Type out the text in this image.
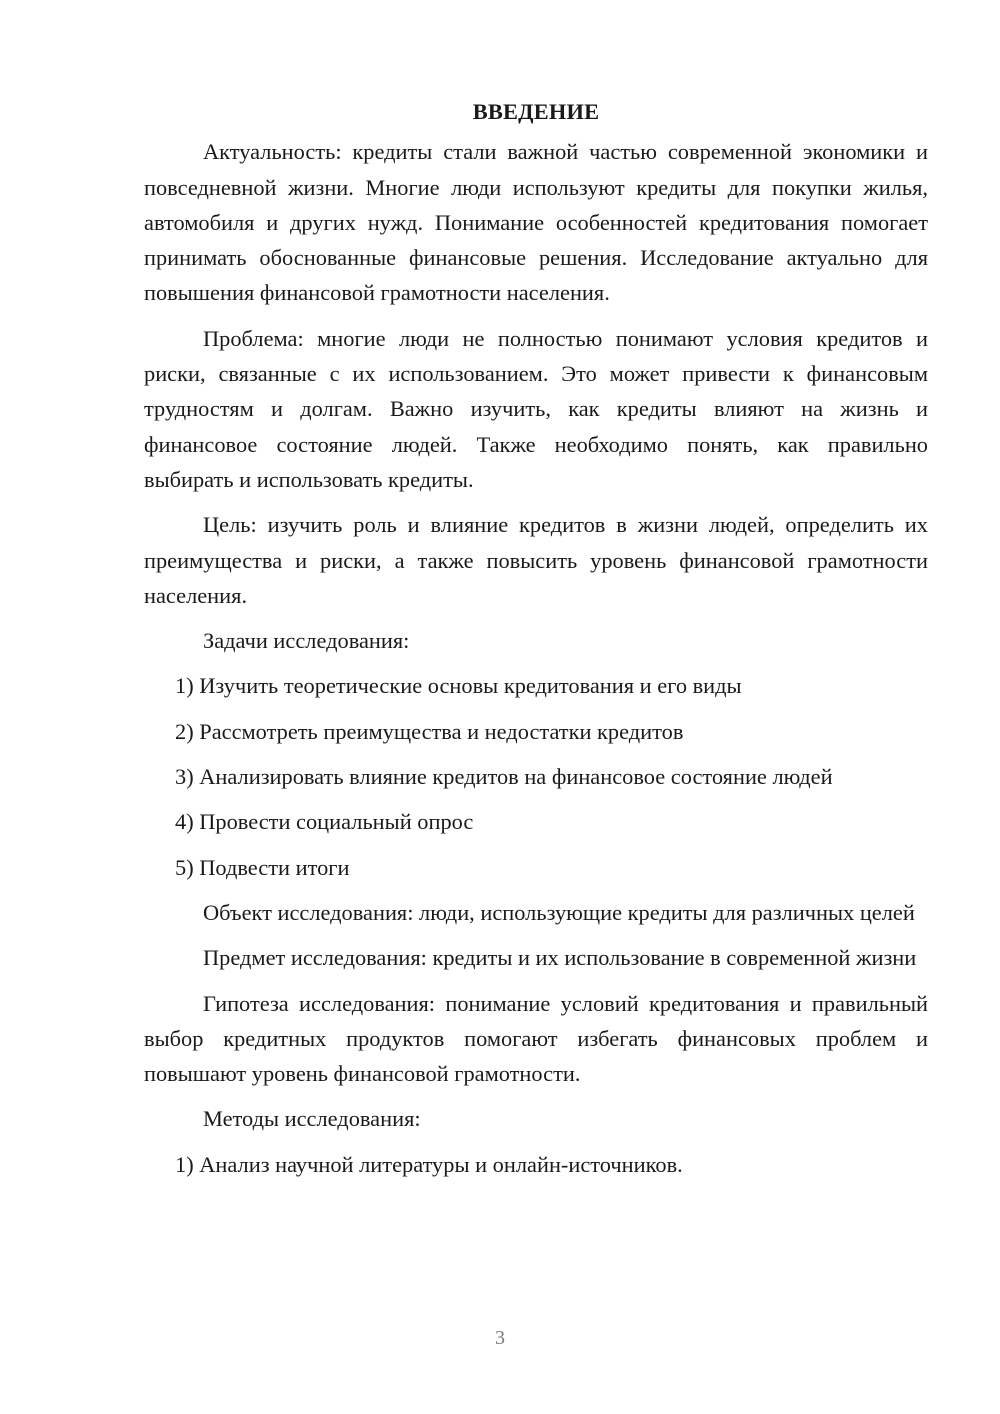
ВВЕДЕНИЕ

Актуальность: кредиты стали важной частью современной экономики и повседневной жизни. Многие люди используют кредиты для покупки жилья, автомобиля и других нужд. Понимание особенностей кредитования помогает принимать обоснованные финансовые решения. Исследование актуально для повышения финансовой грамотности населения.

Проблема: многие люди не полностью понимают условия кредитов и риски, связанные с их использованием. Это может привести к финансовым трудностям и долгам. Важно изучить, как кредиты влияют на жизнь и финансовое состояние людей. Также необходимо понять, как правильно выбирать и использовать кредиты.

Цель: изучить роль и влияние кредитов в жизни людей, определить их преимущества и риски, а также повысить уровень финансовой грамотности населения.

Задачи исследования:
1) Изучить теоретические основы кредитования и его виды
2) Рассмотреть преимущества и недостатки кредитов
3) Анализировать влияние кредитов на финансовое состояние людей
4) Провести социальный опрос
5) Подвести итоги

Объект исследования: люди, использующие кредиты для различных целей

Предмет исследования: кредиты и их использование в современной жизни

Гипотеза исследования: понимание условий кредитования и правильный выбор кредитных продуктов помогают избегать финансовых проблем и повышают уровень финансовой грамотности.

Методы исследования:
1) Анализ научной литературы и онлайн-источников.
3
